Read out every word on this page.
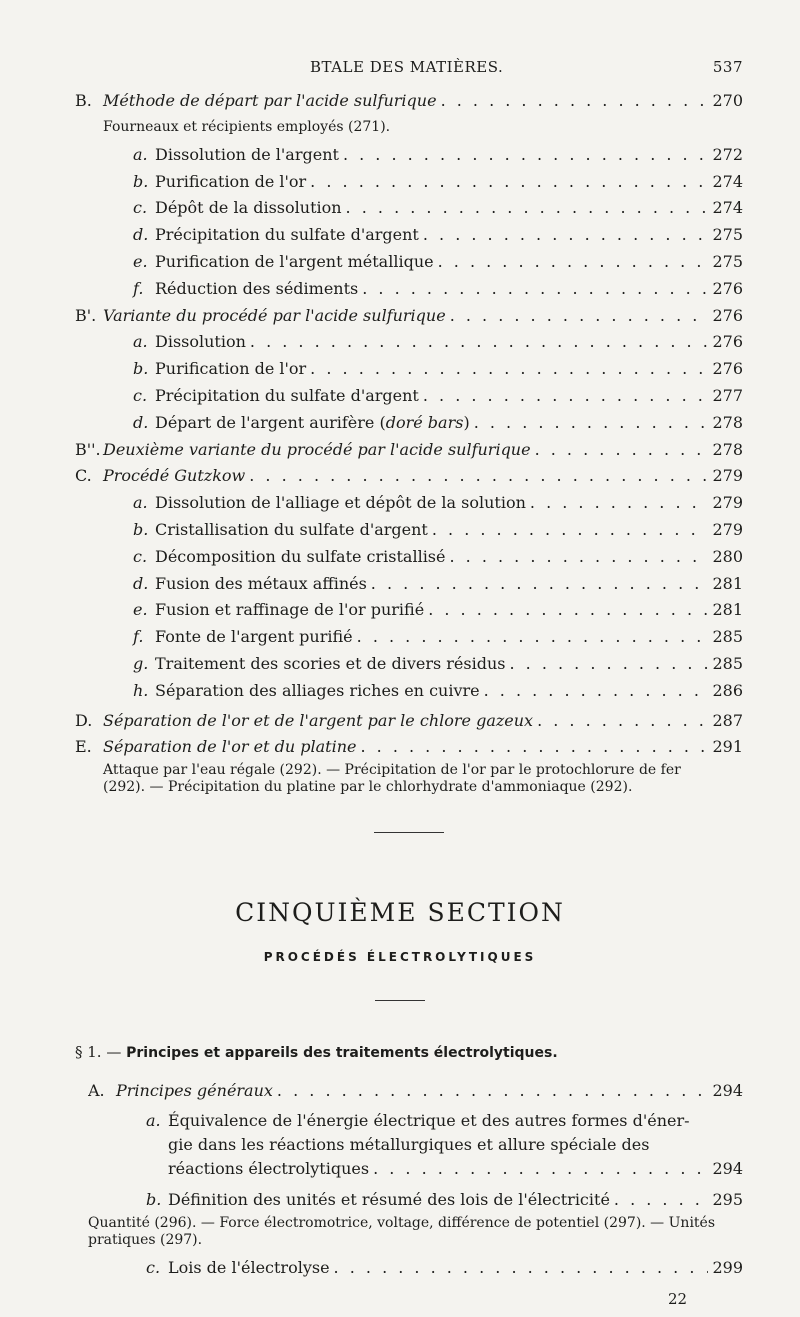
BTALE DES MATIÈRES.	537
B. Méthode de départ par l'acide sulfurique . . .	270
Fourneaux et récipients employés (271).
a. Dissolution de l'argent . . .	272
b. Purification de l'or . . .	274
c. Dépôt de la dissolution . . .	274
d. Précipitation du sulfate d'argent . . .	275
e. Purification de l'argent métallique . . .	275
f. Réduction des sédiments . . .	276
B'. Variante du procédé par l'acide sulfurique . . .	276
a. Dissolution . . .	276
b. Purification de l'or . . .	276
c. Précipitation du sulfate d'argent . . .	277
d. Départ de l'argent aurifère (doré bars) . . .	278
B''. Deuxième variante du procédé par l'acide sulfurique . . .	278
C. Procédé Gutzkow . . .	279
a. Dissolution de l'alliage et dépôt de la solution . . .	279
b. Cristallisation du sulfate d'argent . . .	279
c. Décomposition du sulfate cristallisé . . .	280
d. Fusion des métaux affinés . . .	281
e. Fusion et raffinage de l'or purifié . . .	281
f. Fonte de l'argent purifié . . .	285
g. Traitement des scories et de divers résidus . . .	285
h. Séparation des alliages riches en cuivre . . .	286
D. Séparation de l'or et de l'argent par le chlore gazeux . . .	287
E. Séparation de l'or et du platine . . .	291
Attaque par l'eau régale (292). — Précipitation de l'or par le protochlorure de fer (292). — Précipitation du platine par le chlorhydrate d'ammoniaque (292).
CINQUIÈME SECTION
PROCÉDÉS ÉLECTROLYTIQUES
§ 1. — Principes et appareils des traitements électrolytiques.
A. Principes généraux . . .	294
a. Équivalence de l'énergie électrique et des autres formes d'éner-
gie dans les réactions métallurgiques et allure spéciale des
réactions électrolytiques . . .	294
b. Définition des unités et résumé des lois de l'électricité . . .	295
Quantité (296). — Force électromotrice, voltage, différence de potentiel (297). — Unités pratiques (297).
c. Lois de l'électrolyse . . .	299
22
